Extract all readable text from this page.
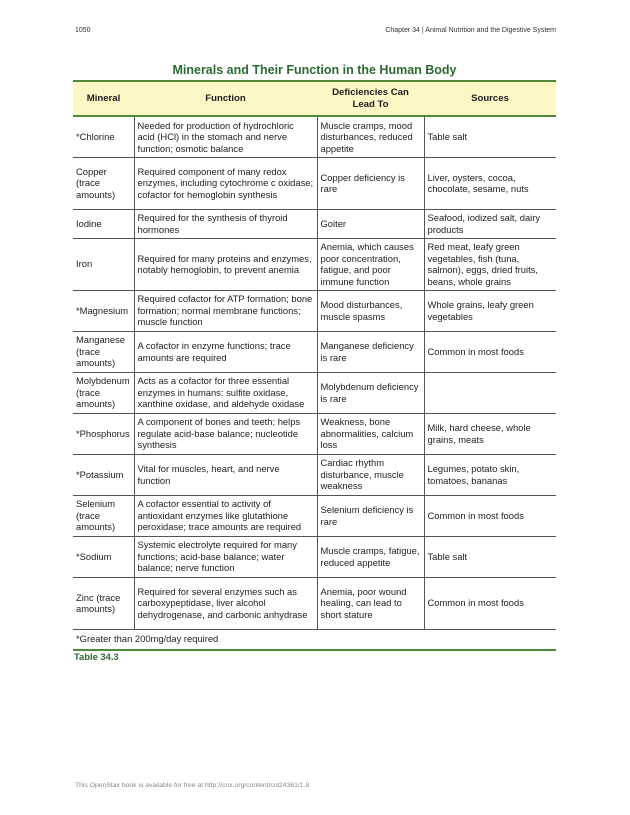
1050	Chapter 34 | Animal Nutrition and the Digestive System
Minerals and Their Function in the Human Body
Mineral	Function	Deficiencies Can Lead To	Sources
*Chlorine	Needed for production of hydrochloric acid (HCl) in the stomach and nerve function; osmotic balance	Muscle cramps, mood disturbances, reduced appetite	Table salt
Copper (trace amounts)	Required component of many redox enzymes, including cytochrome c oxidase; cofactor for hemoglobin synthesis	Copper deficiency is rare	Liver, oysters, cocoa, chocolate, sesame, nuts
Iodine	Required for the synthesis of thyroid hormones	Goiter	Seafood, iodized salt, dairy products
Iron	Required for many proteins and enzymes, notably hemoglobin, to prevent anemia	Anemia, which causes poor concentration, fatigue, and poor immune function	Red meat, leafy green vegetables, fish (tuna, salmon), eggs, dried fruits, beans, whole grains
*Magnesium	Required cofactor for ATP formation; bone formation; normal membrane functions; muscle function	Mood disturbances, muscle spasms	Whole grains, leafy green vegetables
Manganese (trace amounts)	A cofactor in enzyme functions; trace amounts are required	Manganese deficiency is rare	Common in most foods
Molybdenum (trace amounts)	Acts as a cofactor for three essential enzymes in humans: sulfite oxidase, xanthine oxidase, and aldehyde oxidase	Molybdenum deficiency is rare	
*Phosphorus	A component of bones and teeth; helps regulate acid-base balance; nucleotide synthesis	Weakness, bone abnormalities, calcium loss	Milk, hard cheese, whole grains, meats
*Potassium	Vital for muscles, heart, and nerve function	Cardiac rhythm disturbance, muscle weakness	Legumes, potato skin, tomatoes, bananas
Selenium (trace amounts)	A cofactor essential to activity of antioxidant enzymes like glutathione peroxidase; trace amounts are required	Selenium deficiency is rare	Common in most foods
*Sodium	Systemic electrolyte required for many functions; acid-base balance; water balance; nerve function	Muscle cramps, fatigue, reduced appetite	Table salt
Zinc (trace amounts)	Required for several enzymes such as carboxypeptidase, liver alcohol dehydrogenase, and carbonic anhydrase	Anemia, poor wound healing, can lead to short stature	Common in most foods
*Greater than 200mg/day required			
Table 34.3
This OpenStax book is available for free at http://cnx.org/content/col24361/1.8
